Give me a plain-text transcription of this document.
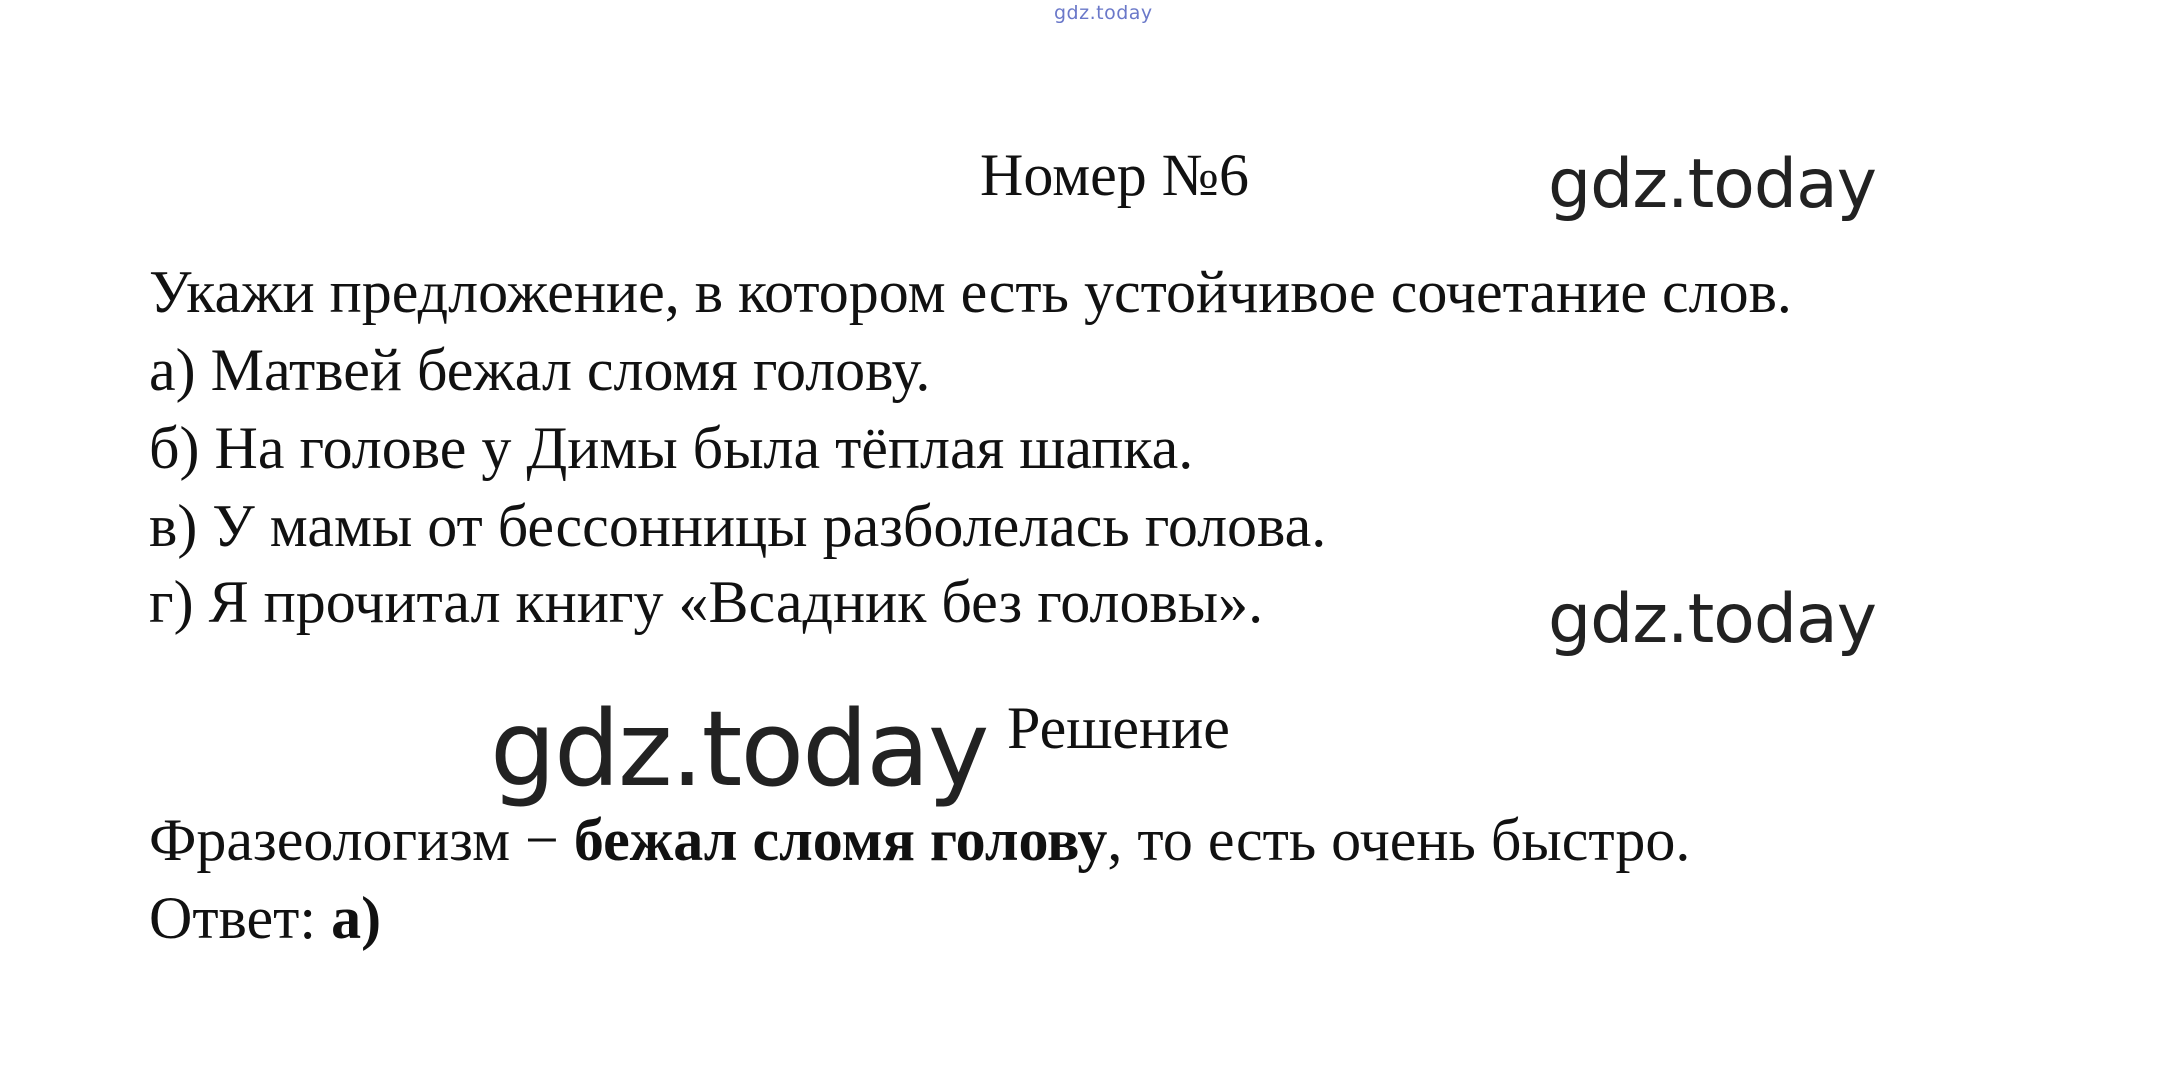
gdz.today
Номер №6	gdz.today
Укажи предложение, в котором есть устойчивое сочетание слов.
а) Матвей бежал сломя голову.
б) На голове у Димы была тёплая шапка.
в) У мамы от бессонницы разболелась голова.
г) Я прочитал книгу «Всадник без головы».	gdz.today
gdz.today Решение
Фразеологизм − бежал сломя голову, то есть очень быстро.
Ответ: а)
